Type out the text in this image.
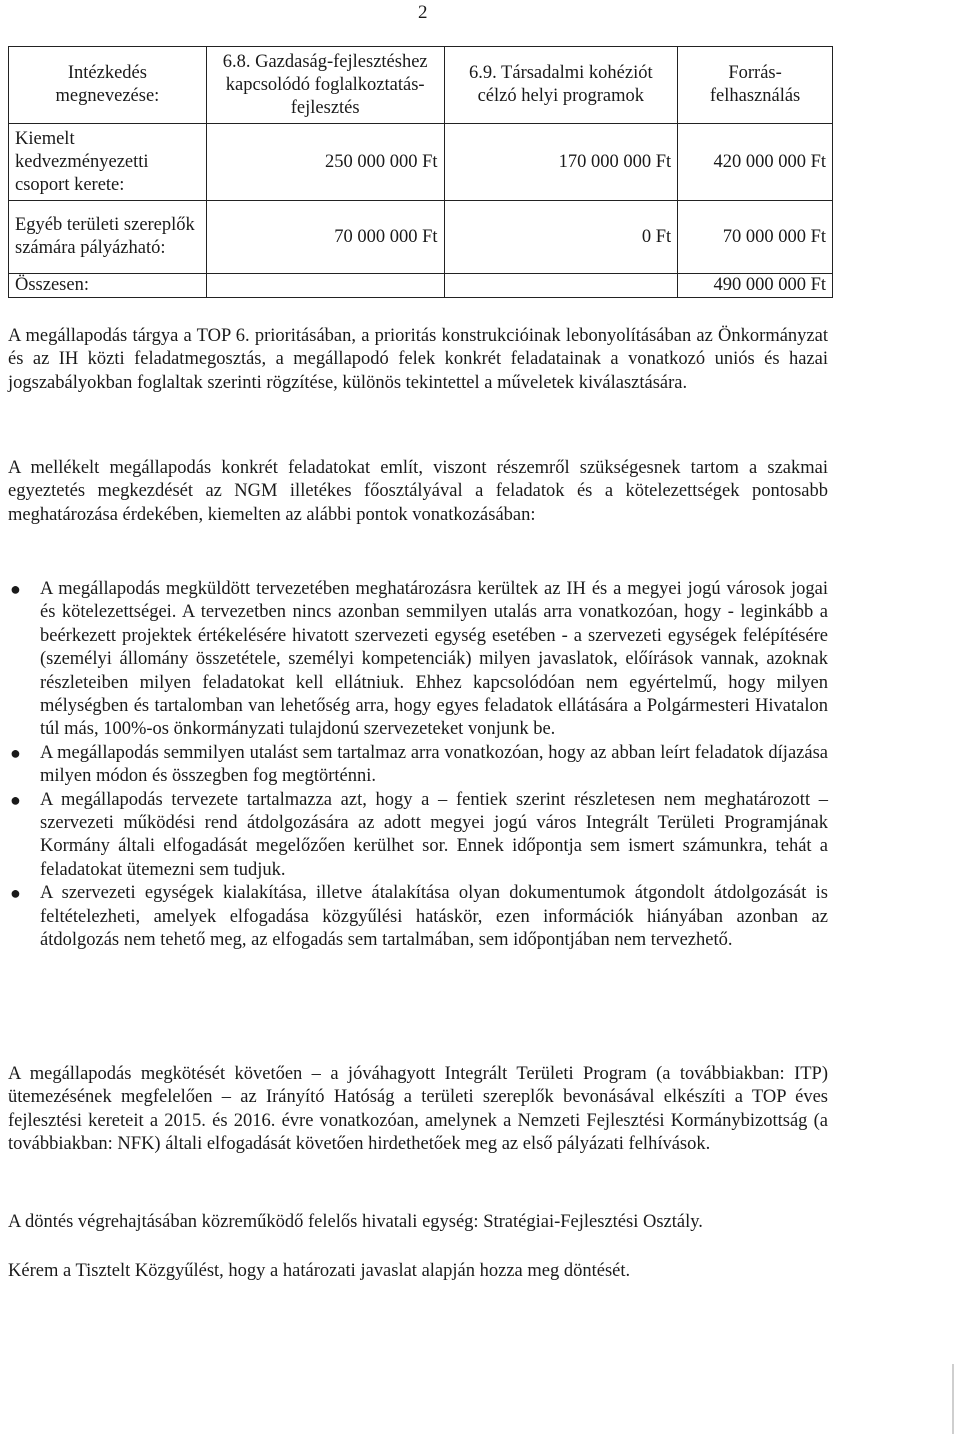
2
Intézkedés megnevezése:	6.8. Gazdaság-fejlesztéshez kapcsolódó foglalkoztatás-fejlesztés	6.9. Társadalmi kohéziót célzó helyi programok	Forrás-felhasználás
Kiemelt kedvezményezetti csoport kerete:	250 000 000 Ft	170 000 000 Ft	420 000 000 Ft
Egyéb területi szereplők számára pályázható:	70 000 000 Ft	0 Ft	70 000 000 Ft
Összesen:			490 000 000 Ft

A megállapodás tárgya a TOP 6. prioritásában, a prioritás konstrukcióinak lebonyolításában az Önkormányzat és az IH közti feladatmegosztás, a megállapodó felek konkrét feladatainak a vonatkozó uniós és hazai jogszabályokban foglaltak szerinti rögzítése, különös tekintettel a műveletek kiválasztására.

A mellékelt megállapodás konkrét feladatokat említ, viszont részemről szükségesnek tartom a szakmai egyeztetés megkezdését az NGM illetékes főosztályával a feladatok és a kötelezettségek pontosabb meghatározása érdekében, kiemelten az alábbi pontok vonatkozásában:

● A megállapodás megküldött tervezetében meghatározásra kerültek az IH és a megyei jogú városok jogai és kötelezettségei. A tervezetben nincs azonban semmilyen utalás arra vonatkozóan, hogy - leginkább a beérkezett projektek értékelésére hivatott szervezeti egység esetében - a szervezeti egységek felépítésére (személyi állomány összetétele, személyi kompetenciák) milyen javaslatok, előírások vannak, azoknak részleteiben milyen feladatokat kell ellátniuk. Ehhez kapcsolódóan nem egyértelmű, hogy milyen mélységben és tartalomban van lehetőség arra, hogy egyes feladatok ellátására a Polgármesteri Hivatalon túl más, 100%-os önkormányzati tulajdonú szervezeteket vonjunk be.
● A megállapodás semmilyen utalást sem tartalmaz arra vonatkozóan, hogy az abban leírt feladatok díjazása milyen módon és összegben fog megtörténni.
● A megállapodás tervezete tartalmazza azt, hogy a – fentiek szerint részletesen nem meghatározott – szervezeti működési rend átdolgozására az adott megyei jogú város Integrált Területi Programjának Kormány általi elfogadását megelőzően kerülhet sor. Ennek időpontja sem ismert számunkra, tehát a feladatokat ütemezni sem tudjuk.
● A szervezeti egységek kialakítása, illetve átalakítása olyan dokumentumok átgondolt átdolgozását is feltételezheti, amelyek elfogadása közgyűlési hatáskör, ezen információk hiányában azonban az átdolgozás nem tehető meg, az elfogadás sem tartalmában, sem időpontjában nem tervezhető.

A megállapodás megkötését követően – a jóváhagyott Integrált Területi Program (a továbbiakban: ITP) ütemezésének megfelelően – az Irányító Hatóság a területi szereplők bevonásával elkészíti a TOP éves fejlesztési kereteit a 2015. és 2016. évre vonatkozóan, amelynek a Nemzeti Fejlesztési Kormánybizottság (a továbbiakban: NFK) általi elfogadását követően hirdethetőek meg az első pályázati felhívások.

A döntés végrehajtásában közreműködő felelős hivatali egység: Stratégiai-Fejlesztési Osztály.

Kérem a Tisztelt Közgyűlést, hogy a határozati javaslat alapján hozza meg döntését.
